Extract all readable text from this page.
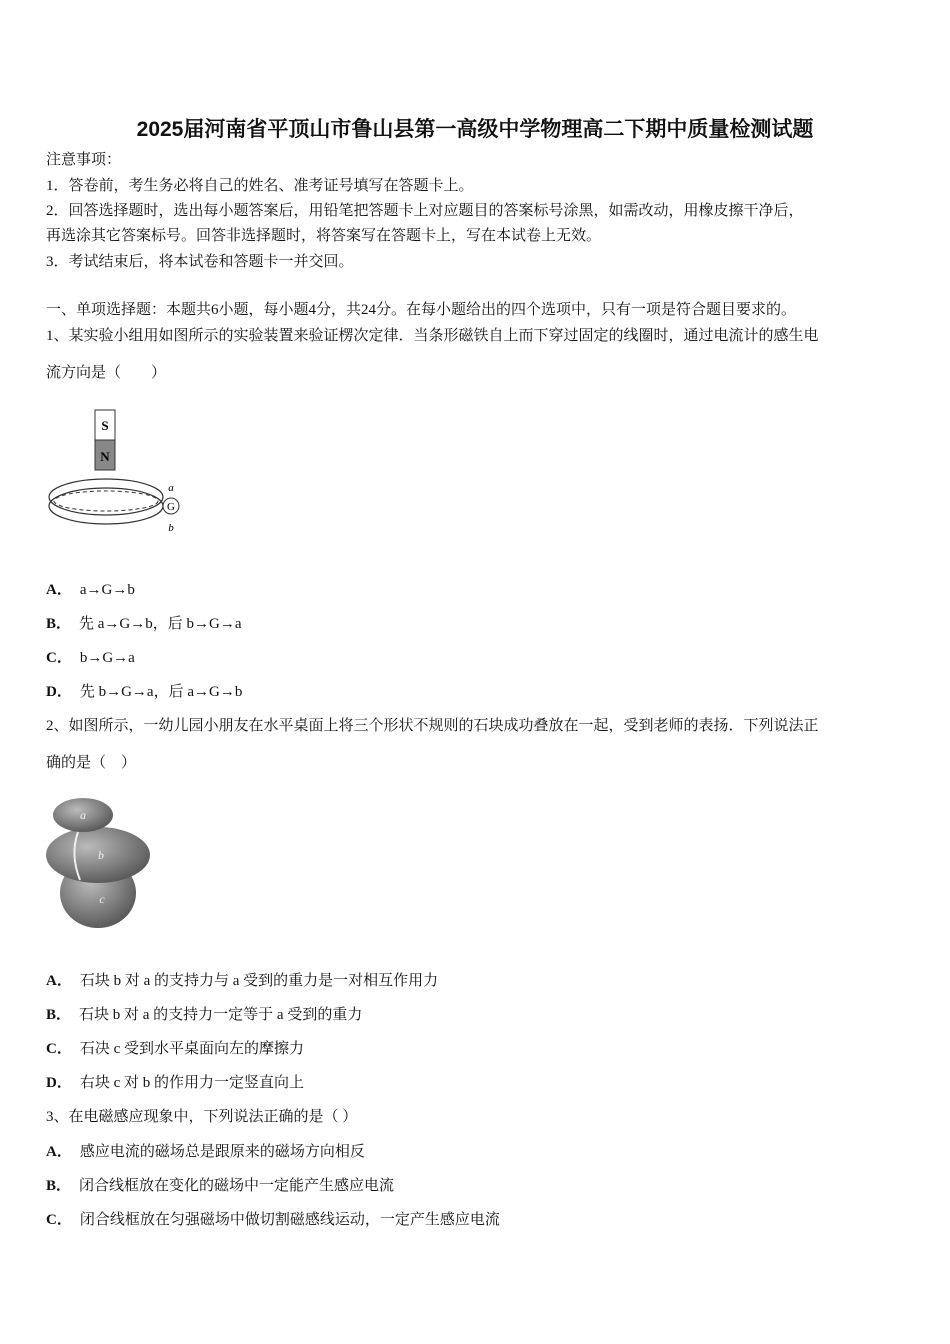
2025届河南省平顶山市鲁山县第一高级中学物理高二下期中质量检测试题
注意事项：
1．答卷前，考生务必将自己的姓名、准考证号填写在答题卡上。
2．回答选择题时，选出每小题答案后，用铅笔把答题卡上对应题目的答案标号涂黑，如需改动，用橡皮擦干净后，
再选涂其它答案标号。回答非选择题时，将答案写在答题卡上，写在本试卷上无效。
3．考试结束后，将本试卷和答题卡一并交回。
一、单项选择题：本题共6小题，每小题4分，共24分。在每小题给出的四个选项中，只有一项是符合题目要求的。
1、某实验小组用如图所示的实验装置来验证楞次定律．当条形磁铁自上而下穿过固定的线圈时，通过电流计的感生电
流方向是（　　）
S
N
G
a
b
A． a→G→b
B． 先 a→G→b，后 b→G→a
C． b→G→a
D． 先 b→G→a，后 a→G→b
2、如图所示，一幼儿园小朋友在水平桌面上将三个形状不规则的石块成功叠放在一起，受到老师的表扬．下列说法正
确的是（　）
a
b
c
A． 石块 b 对 a 的支持力与 a 受到的重力是一对相互作用力
B． 石块 b 对 a 的支持力一定等于 a 受到的重力
C． 石决 c 受到水平桌面向左的摩擦力
D． 右块 c 对 b 的作用力一定竖直向上
3、在电磁感应现象中，下列说法正确的是（ ）
A． 感应电流的磁场总是跟原来的磁场方向相反
B． 闭合线框放在变化的磁场中一定能产生感应电流
C． 闭合线框放在匀强磁场中做切割磁感线运动，一定产生感应电流
